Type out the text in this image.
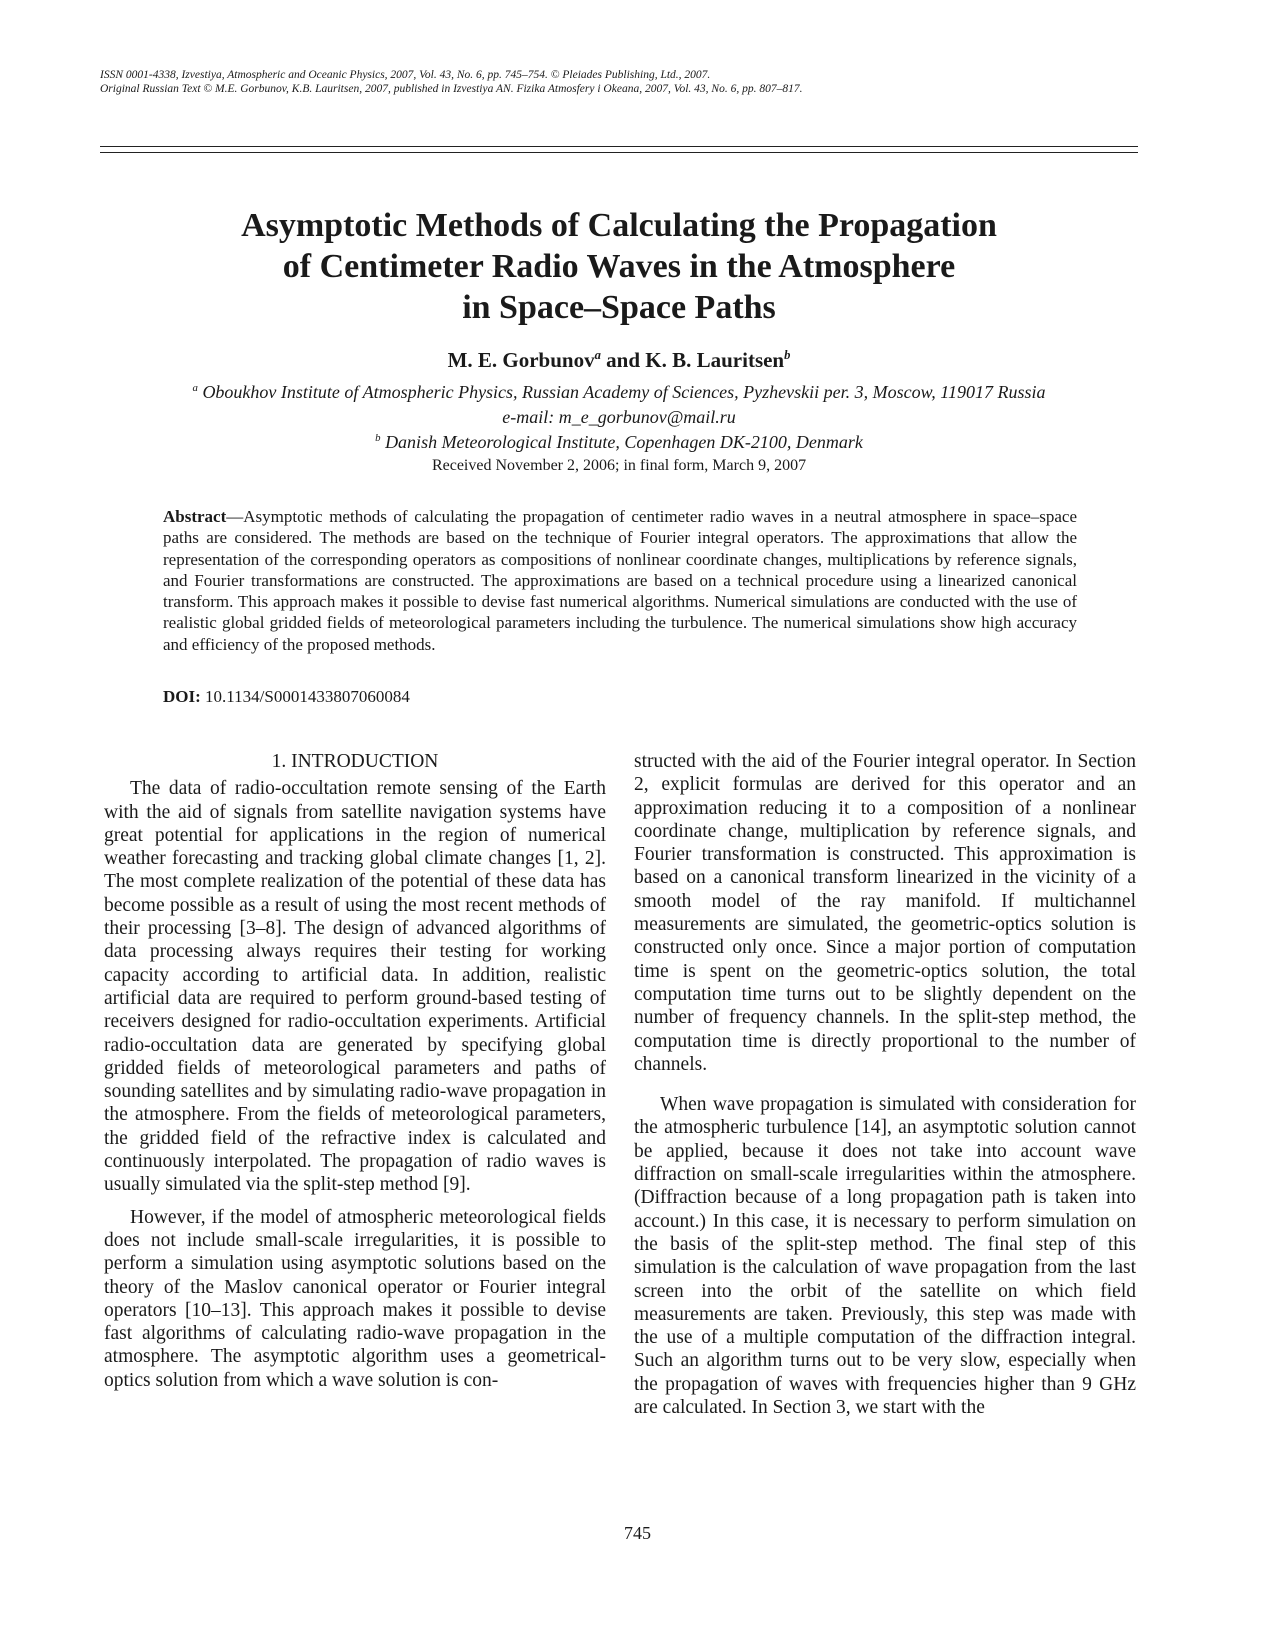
ISSN 0001-4338, Izvestiya, Atmospheric and Oceanic Physics, 2007, Vol. 43, No. 6, pp. 745–754. © Pleiades Publishing, Ltd., 2007.
Original Russian Text © M.E. Gorbunov, K.B. Lauritsen, 2007, published in Izvestiya AN. Fizika Atmosfery i Okeana, 2007, Vol. 43, No. 6, pp. 807–817.
Asymptotic Methods of Calculating the Propagation
of Centimeter Radio Waves in the Atmosphere
in Space–Space Paths
M. E. Gorbunov$^a$ and K. B. Lauritsen$^b$
$^a$ Oboukhov Institute of Atmospheric Physics, Russian Academy of Sciences, Pyzhevskii per. 3, Moscow, 119017 Russia
e-mail: m_e_gorbunov@mail.ru
$^b$ Danish Meteorological Institute, Copenhagen DK-2100, Denmark
Received November 2, 2006; in final form, March 9, 2007
Abstract—Asymptotic methods of calculating the propagation of centimeter radio waves in a neutral atmosphere in space–space paths are considered. The methods are based on the technique of Fourier integral operators. The approximations that allow the representation of the corresponding operators as compositions of nonlinear coordinate changes, multiplications by reference signals, and Fourier transformations are constructed. The approximations are based on a technical procedure using a linearized canonical transform. This approach makes it possible to devise fast numerical algorithms. Numerical simulations are conducted with the use of realistic global gridded fields of meteorological parameters including the turbulence. The numerical simulations show high accuracy and efficiency of the proposed methods.
DOI: 10.1134/S0001433807060084
1. INTRODUCTION

The data of radio-occultation remote sensing of the Earth with the aid of signals from satellite navigation systems have great potential for applications in the region of numerical weather forecasting and tracking global climate changes [1, 2]. The most complete realization of the potential of these data has become possible as a result of using the most recent methods of their processing [3–8]. The design of advanced algorithms of data processing always requires their testing for working capacity according to artificial data. In addition, realistic artificial data are required to perform ground-based testing of receivers designed for radio-occultation experiments. Artificial radio-occultation data are generated by specifying global gridded fields of meteorological parameters and paths of sounding satellites and by simulating radio-wave propagation in the atmosphere. From the fields of meteorological parameters, the gridded field of the refractive index is calculated and continuously interpolated. The propagation of radio waves is usually simulated via the split-step method [9].

However, if the model of atmospheric meteorological fields does not include small-scale irregularities, it is possible to perform a simulation using asymptotic solutions based on the theory of the Maslov canonical operator or Fourier integral operators [10–13]. This approach makes it possible to devise fast algorithms of calculating radio-wave propagation in the atmosphere. The asymptotic algorithm uses a geometrical-optics solution from which a wave solution is con-

structed with the aid of the Fourier integral operator. In Section 2, explicit formulas are derived for this operator and an approximation reducing it to a composition of a nonlinear coordinate change, multiplication by reference signals, and Fourier transformation is constructed. This approximation is based on a canonical transform linearized in the vicinity of a smooth model of the ray manifold. If multichannel measurements are simulated, the geometric-optics solution is constructed only once. Since a major portion of computation time is spent on the geometric-optics solution, the total computation time turns out to be slightly dependent on the number of frequency channels. In the split-step method, the computation time is directly proportional to the number of channels.

When wave propagation is simulated with consideration for the atmospheric turbulence [14], an asymptotic solution cannot be applied, because it does not take into account wave diffraction on small-scale irregularities within the atmosphere. (Diffraction because of a long propagation path is taken into account.) In this case, it is necessary to perform simulation on the basis of the split-step method. The final step of this simulation is the calculation of wave propagation from the last screen into the orbit of the satellite on which field measurements are taken. Previously, this step was made with the use of a multiple computation of the diffraction integral. Such an algorithm turns out to be very slow, especially when the propagation of waves with frequencies higher than 9 GHz are calculated. In Section 3, we start with the

745
